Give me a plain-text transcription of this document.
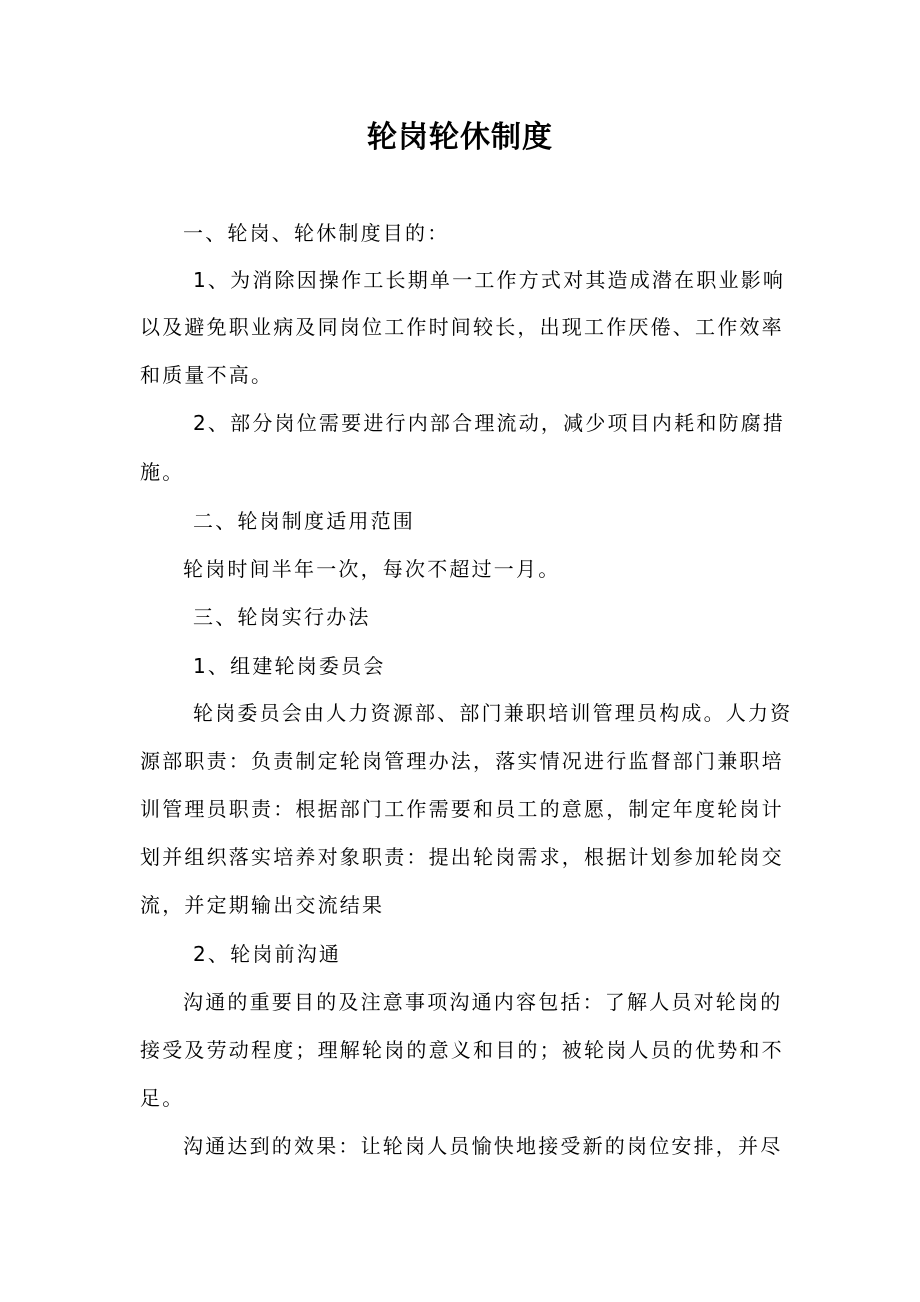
轮岗轮休制度
一、轮岗、轮休制度目的：
1、为消除因操作工长期单一工作方式对其造成潜在职业影响
以及避免职业病及同岗位工作时间较长，出现工作厌倦、工作效率
和质量不高。
2、部分岗位需要进行内部合理流动，减少项目内耗和防腐措
施。
二、轮岗制度适用范围
轮岗时间半年一次，每次不超过一月。
三、轮岗实行办法
1、组建轮岗委员会
轮岗委员会由人力资源部、部门兼职培训管理员构成。人力资
源部职责：负责制定轮岗管理办法，落实情况进行监督部门兼职培
训管理员职责：根据部门工作需要和员工的意愿，制定年度轮岗计
划并组织落实培养对象职责：提出轮岗需求，根据计划参加轮岗交
流，并定期输出交流结果
2、轮岗前沟通
沟通的重要目的及注意事项沟通内容包括：了解人员对轮岗的
接受及劳动程度；理解轮岗的意义和目的；被轮岗人员的优势和不
足。
沟通达到的效果：让轮岗人员愉快地接受新的岗位安排，并尽
